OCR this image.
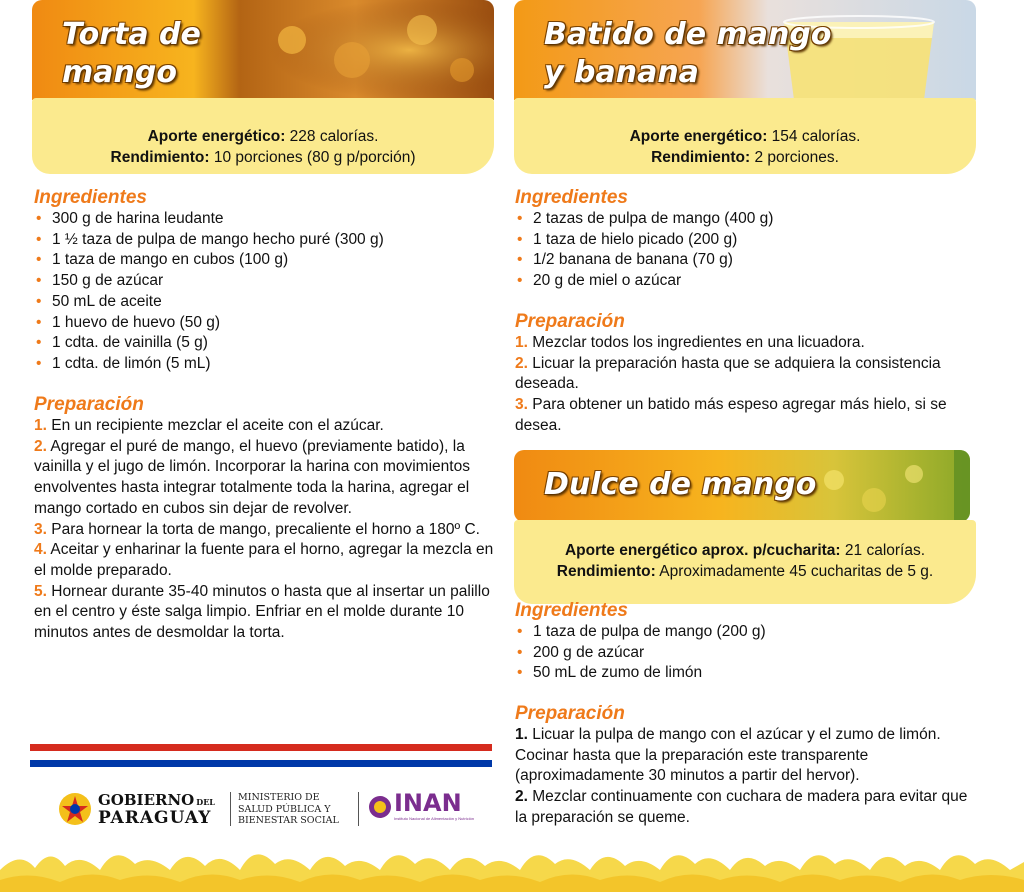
Torta de
mango
Aporte energético: 228 calorías.
Rendimiento: 10 porciones (80 g p/porción)
Ingredientes
• 300 g de harina leudante
• 1 ½ taza de pulpa de mango hecho puré (300 g)
• 1 taza de mango en cubos (100 g)
• 150 g de azúcar
• 50 mL de aceite
• 1 huevo de huevo (50 g)
• 1 cdta. de vainilla (5 g)
• 1 cdta. de limón (5 mL)
Preparación

1. En un recipiente mezclar el aceite con el azúcar.

2. Agregar el puré de mango, el huevo (previamente batido), la vainilla y el jugo de limón. Incorporar la harina con movimientos envolventes hasta integrar totalmente toda la harina, agregar el mango cortado en cubos sin dejar de revolver.

3. Para hornear la torta de mango, precaliente el horno a 180º C.

4. Aceitar y enharinar la fuente para el horno, agregar la mezcla en el molde preparado.

5. Hornear durante 35-40 minutos o hasta que al insertar un palillo en el centro y éste salga limpio. Enfriar en el molde durante 10 minutos antes de desmoldar la torta.

Batido de mango
y banana
Aporte energético: 154 calorías.
Rendimiento: 2 porciones.
Ingredientes
• 2 tazas de pulpa de mango (400 g)
• 1 taza de hielo picado (200 g)
• 1/2 banana de banana (70 g)
• 20 g de miel o azúcar
Preparación

1. Mezclar todos los ingredientes en una licuadora.

2. Licuar la preparación hasta que se adquiera la consistencia deseada.

3. Para obtener un batido más espeso agregar más hielo, si se desea.

Dulce de mango
Aporte energético aprox. p/cucharita: 21 calorías.
Rendimiento: Aproximadamente 45 cucharitas de 5 g.
Ingredientes
• 1 taza de pulpa de mango (200 g)
• 200 g de azúcar
• 50 mL de zumo de limón
Preparación

1. Licuar la pulpa de mango con el azúcar y el zumo de limón. Cocinar hasta que la preparación este transparente (aproximadamente 30 minutos a partir del hervor).

2. Mezclar continuamente con cuchara de madera para evitar que la preparación se queme.

GOBIERNO DEL
PARAGUAY
MINISTERIO DE
SALUD PÚBLICA Y
BIENESTAR SOCIAL
INAN
Instituto Nacional de Alimentación y Nutrición
